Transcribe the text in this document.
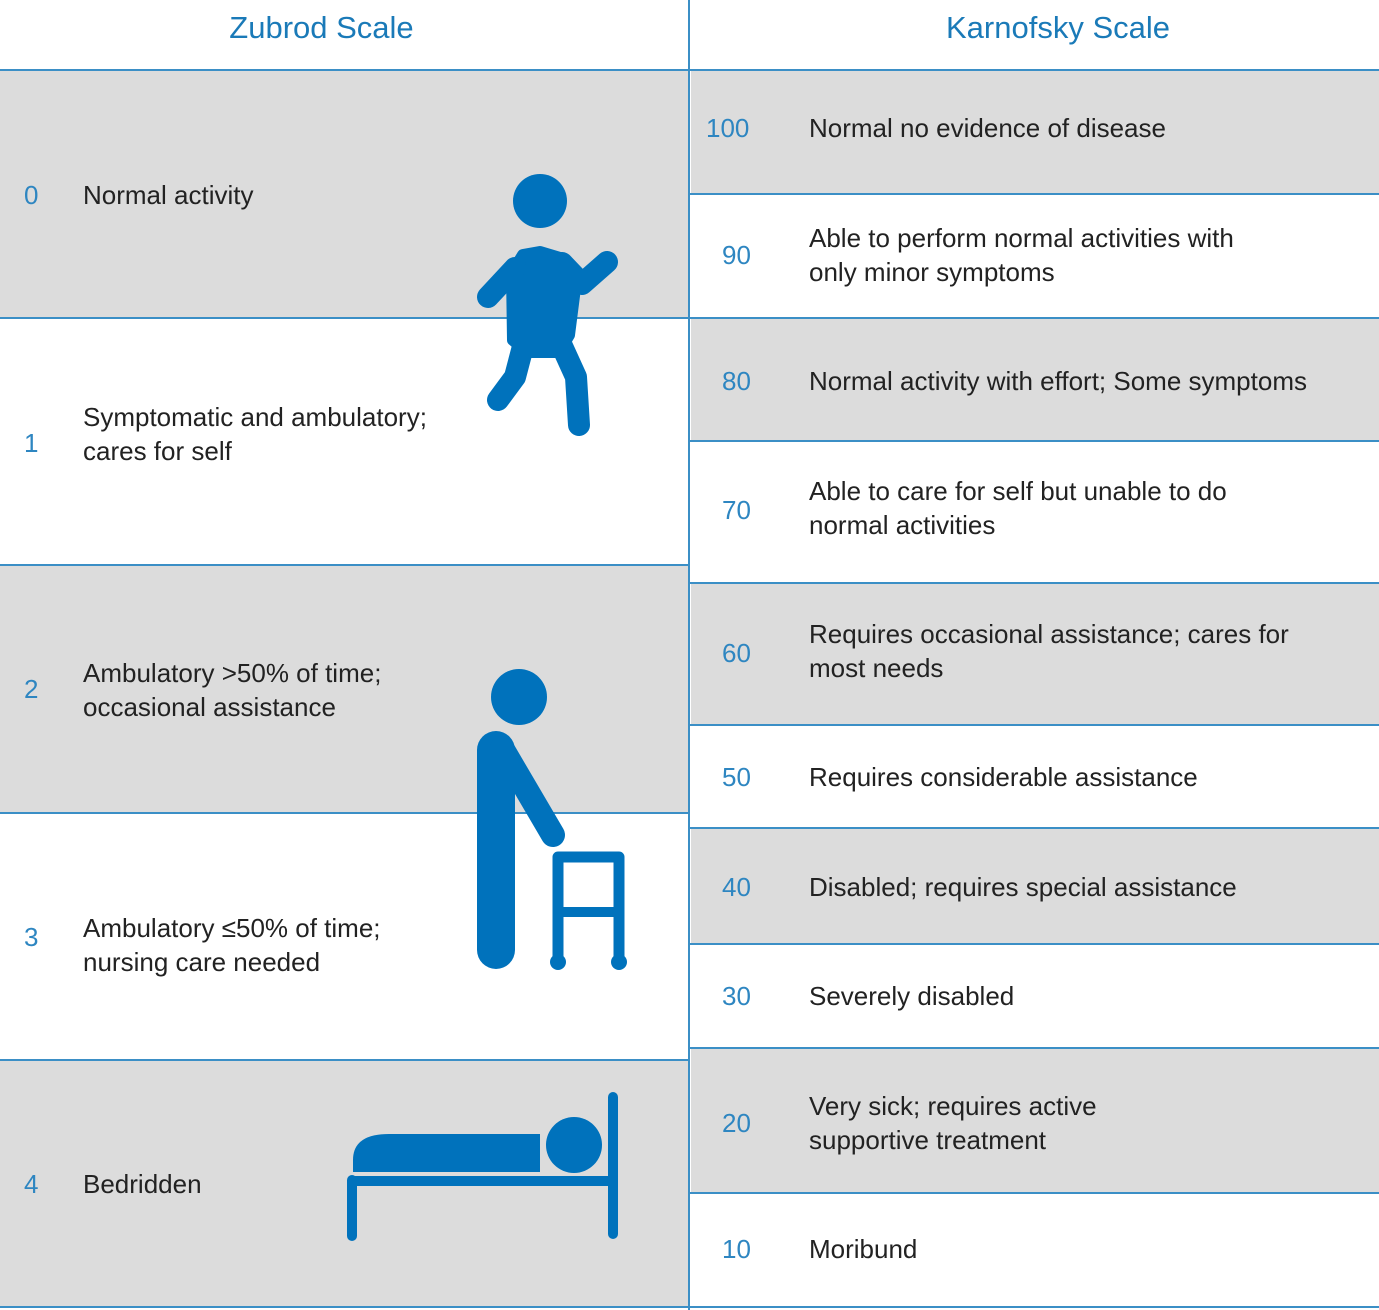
Zubrod Scale	Karnofsky Scale
0 Normal activity
1
Symptomatic and ambulatory;
cares for self
2
Ambulatory >50% of time;
occasional assistance
3 Ambulatory ≤50% of time;
nursing care needed
4 Bedridden
100 Normal no evidence of disease
90
Able to perform normal activities with
only minor symptoms
80 Normal activity with effort; Some symptoms
70
Able to care for self but unable to do
normal activities
60
Requires occasional assistance; cares for
most needs
50 Requires considerable assistance
40 Disabled; requires special assistance
30 Severely disabled
20
Very sick; requires active
supportive treatment
10 Moribund
